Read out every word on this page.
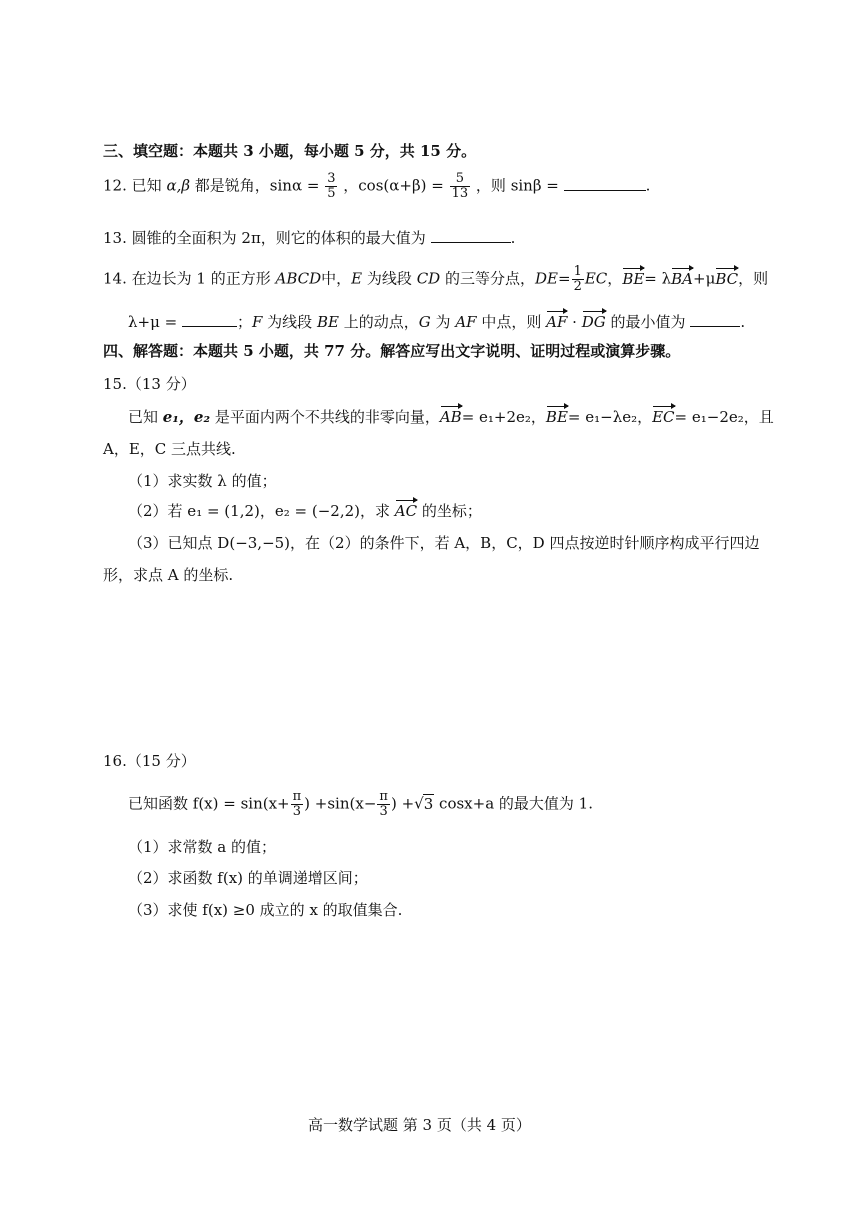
三、填空题：本题共 3 小题，每小题 5 分，共 15 分。
12. 已知 α,β 都是锐角，$\sin\alpha = \frac{3}{5}$ ，$\cos(\alpha+\beta) = \frac{5}{13}$ ，则 sinβ =	.
13. 圆锥的全面积为 2π，则它的体积的最大值为	.
14. 在边长为 1 的正方形 ABCD中，E 为线段 CD 的三等分点，$DE= \frac{1}{2}$ EC，BE= λBA+μBC，则
λ+μ =	；F 为线段 BE 上的动点，G 为 AF 中点，则 AF · DG 的最小值为	.
四、解答题：本题共 5 小题，共 77 分。解答应写出文字说明、证明过程或演算步骤。
15.（13 分）
已知 e₁，e₂ 是平面内两个不共线的非零向量，AB= e₁+2e₂，BE= e₁−λe₂，EC= e₁−2e₂，且
A，E，C 三点共线.
（1）求实数 λ 的值；
（2）若 e₁ = (1,2)，e₂ = (−2,2)，求 AC 的坐标；
（3）已知点 D(−3,−5)，在（2）的条件下，若 A，B，C，D 四点按逆时针顺序构成平行四边
形，求点 A 的坐标.
16.（15 分）
已知函数 $f(x) = \sin(x+ \frac{\pi}{3}$ ) $+\sin(x- \frac{\pi}{3}$ ) +√3 cosx+a 的最大值为 1.
（1）求常数 a 的值；
（2）求函数 f(x) 的单调递增区间；
（3）求使 f(x) ≥0 成立的 x 的取值集合.
高一数学试题 第 3 页（共 4 页）
